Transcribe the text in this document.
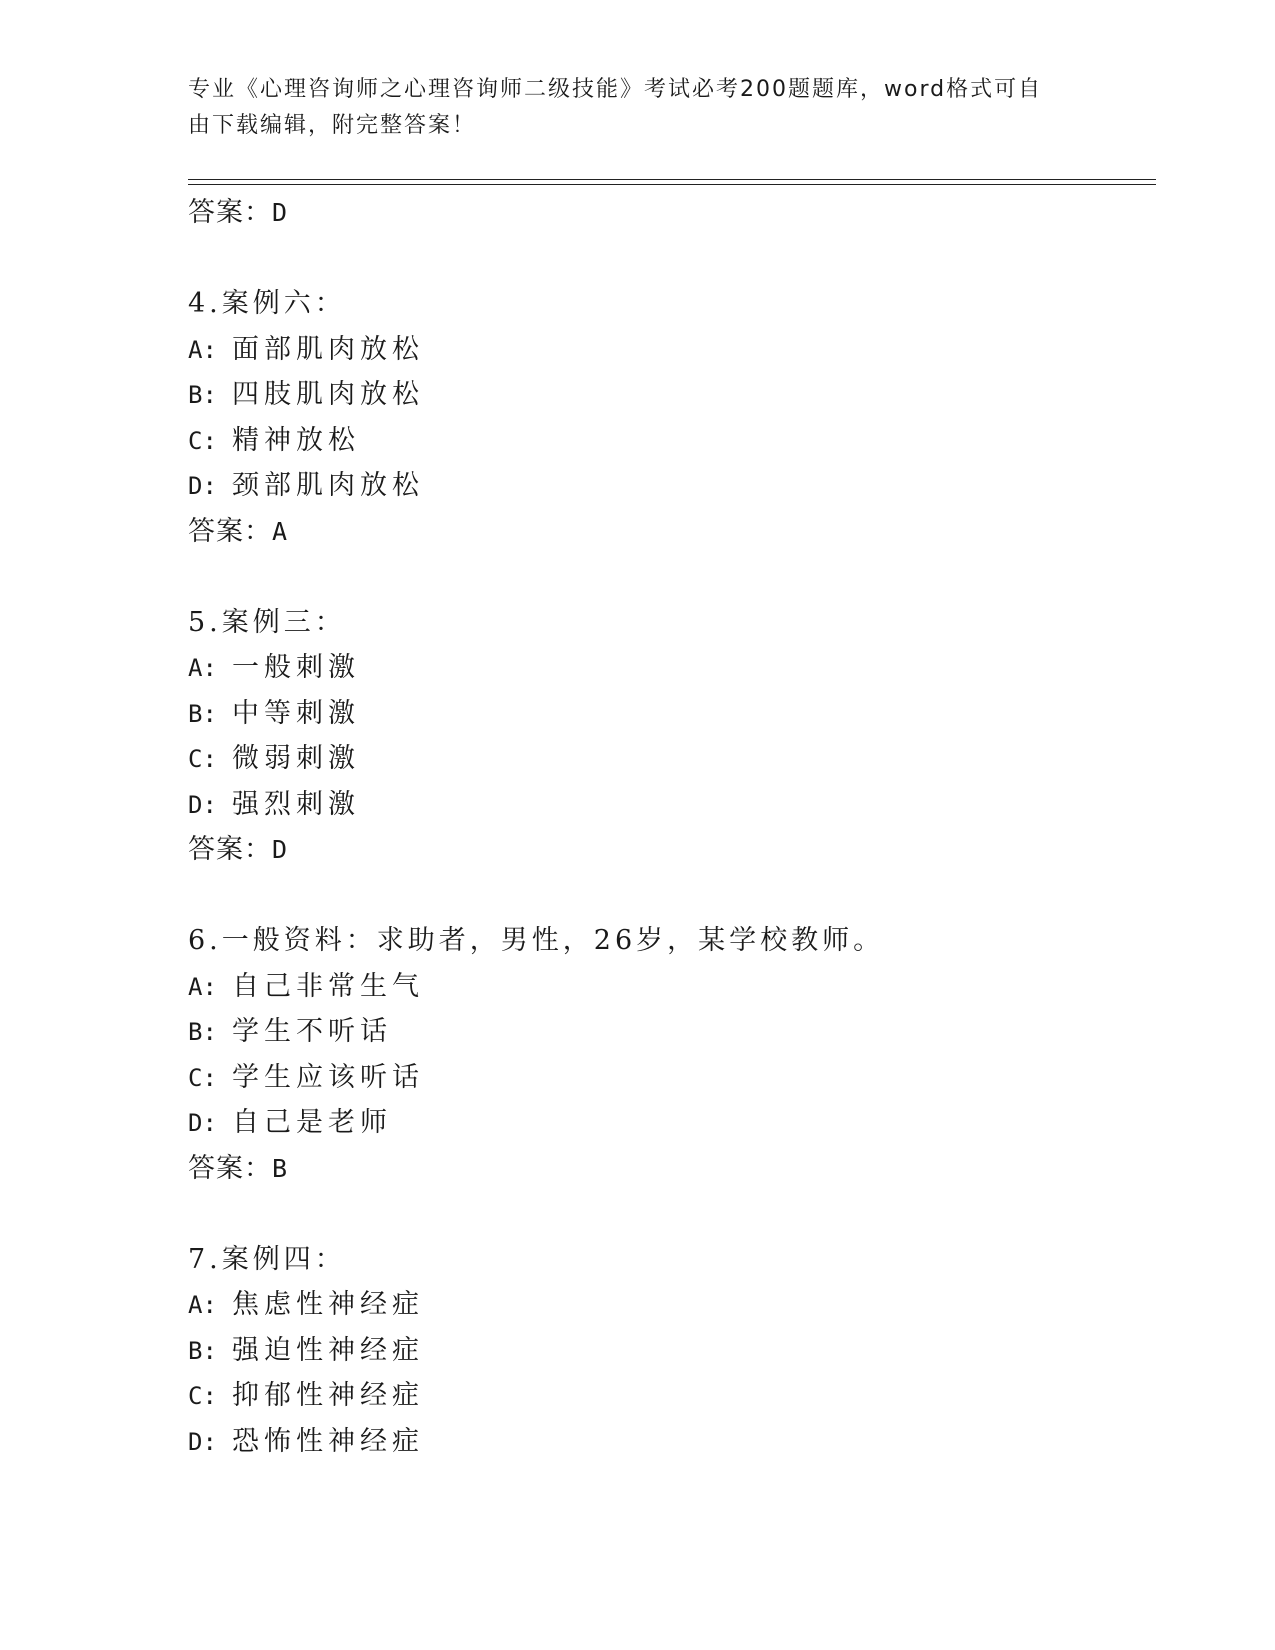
专业《心理咨询师之心理咨询师二级技能》考试必考200题题库，word格式可自
由下载编辑，附完整答案！
答案：D
4.案例六：
A: 面部肌肉放松
B: 四肢肌肉放松
C: 精神放松
D: 颈部肌肉放松
答案：A
5.案例三：
A: 一般刺激
B: 中等刺激
C: 微弱刺激
D: 强烈刺激
答案：D
6.一般资料：求助者，男性，26岁，某学校教师。
A: 自己非常生气
B: 学生不听话
C: 学生应该听话
D: 自己是老师
答案：B
7.案例四：
A: 焦虑性神经症
B: 强迫性神经症
C: 抑郁性神经症
D: 恐怖性神经症
